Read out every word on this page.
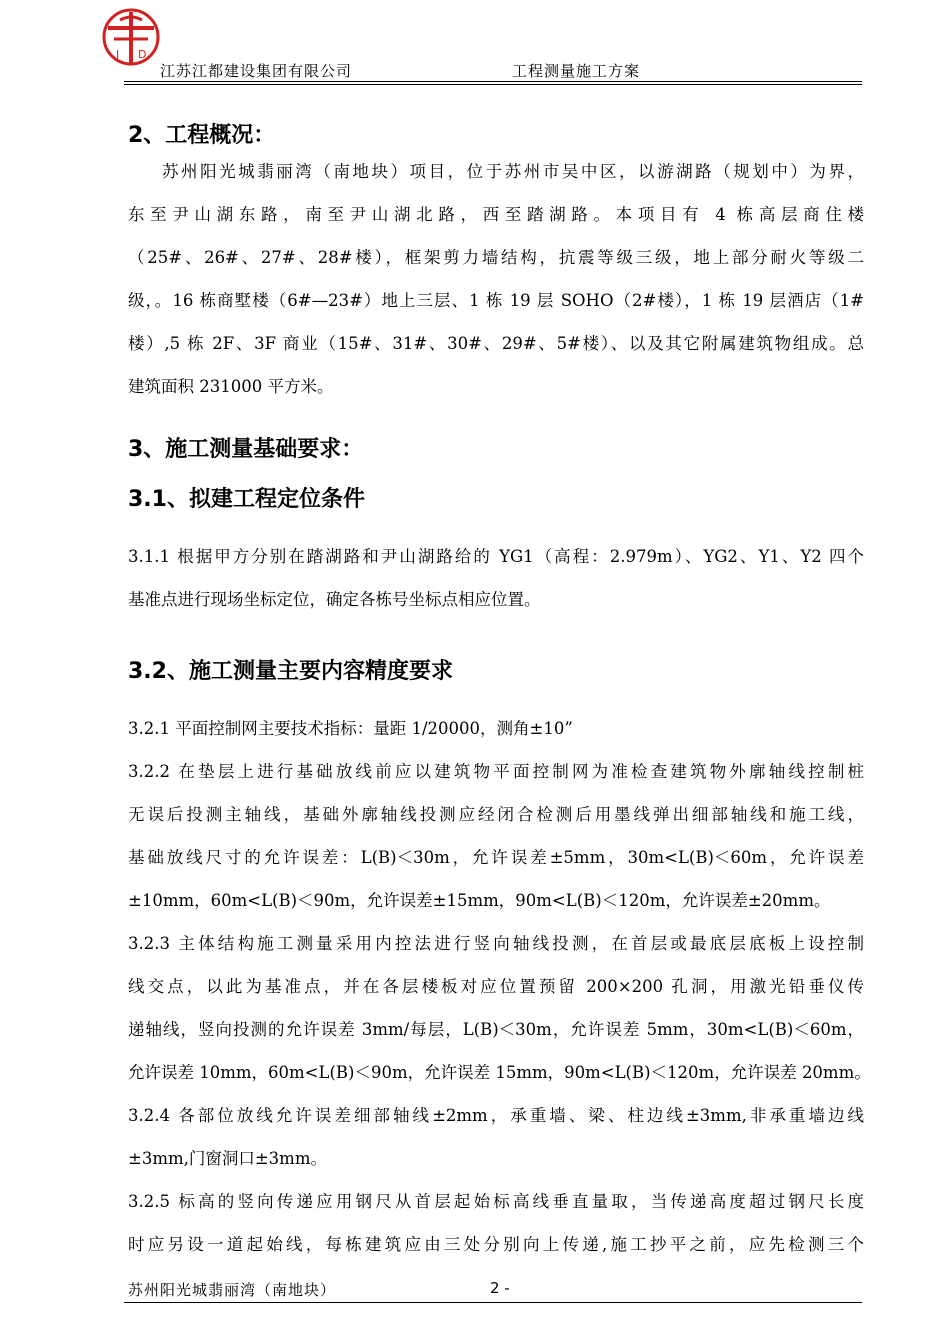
J D
江苏江都建设集团有限公司	工程测量施工方案
2、工程概况：
苏州阳光城翡丽湾（南地块）项目，位于苏州市吴中区，以游湖路（规划中）为界，
东至尹山湖东路，南至尹山湖北路，西至踏湖路。本项目有 4 栋高层商住楼
（25#、26#、27#、28#楼），框架剪力墙结构，抗震等级三级，地上部分耐火等级二
级，。16 栋商墅楼（6#—23#）地上三层、1 栋 19 层 SOHO（2#楼），1 栋 19 层酒店（1#
楼）,5 栋 2F、3F 商业（15#、31#、30#、29#、5#楼）、以及其它附属建筑物组成。总
建筑面积 231000 平方米。
3、施工测量基础要求：
3.1、拟建工程定位条件
3.1.1 根据甲方分别在踏湖路和尹山湖路给的 YG1（高程：2.979m）、YG2、Y1、Y2 四个
基准点进行现场坐标定位，确定各栋号坐标点相应位置。
3.2、施工测量主要内容精度要求
3.2.1 平面控制网主要技术指标：量距 1/20000，测角±10”
3.2.2 在垫层上进行基础放线前应以建筑物平面控制网为准检查建筑物外廓轴线控制桩
无误后投测主轴线，基础外廓轴线投测应经闭合检测后用墨线弹出细部轴线和施工线，
基础放线尺寸的允许误差：L(B)＜30m，允许误差±5mm，30m<L(B)＜60m，允许误差
±10mm，60m<L(B)＜90m，允许误差±15mm，90m<L(B)＜120m，允许误差±20mm。
3.2.3 主体结构施工测量采用内控法进行竖向轴线投测，在首层或最底层底板上设控制
线交点，以此为基准点，并在各层楼板对应位置预留 200×200 孔洞，用激光铅垂仪传
递轴线，竖向投测的允许误差 3mm/每层，L(B)＜30m，允许误差 5mm，30m<L(B)＜60m，
允许误差 10mm，60m<L(B)＜90m，允许误差 15mm，90m<L(B)＜120m，允许误差 20mm。
3.2.4 各部位放线允许误差细部轴线±2mm，承重墙、梁、柱边线±3mm,非承重墙边线
±3mm,门窗洞口±3mm。
3.2.5 标高的竖向传递应用钢尺从首层起始标高线垂直量取，当传递高度超过钢尺长度
时应另设一道起始线，每栋建筑应由三处分别向上传递,施工抄平之前，应先检测三个
苏州阳光城翡丽湾（南地块）	2 -
